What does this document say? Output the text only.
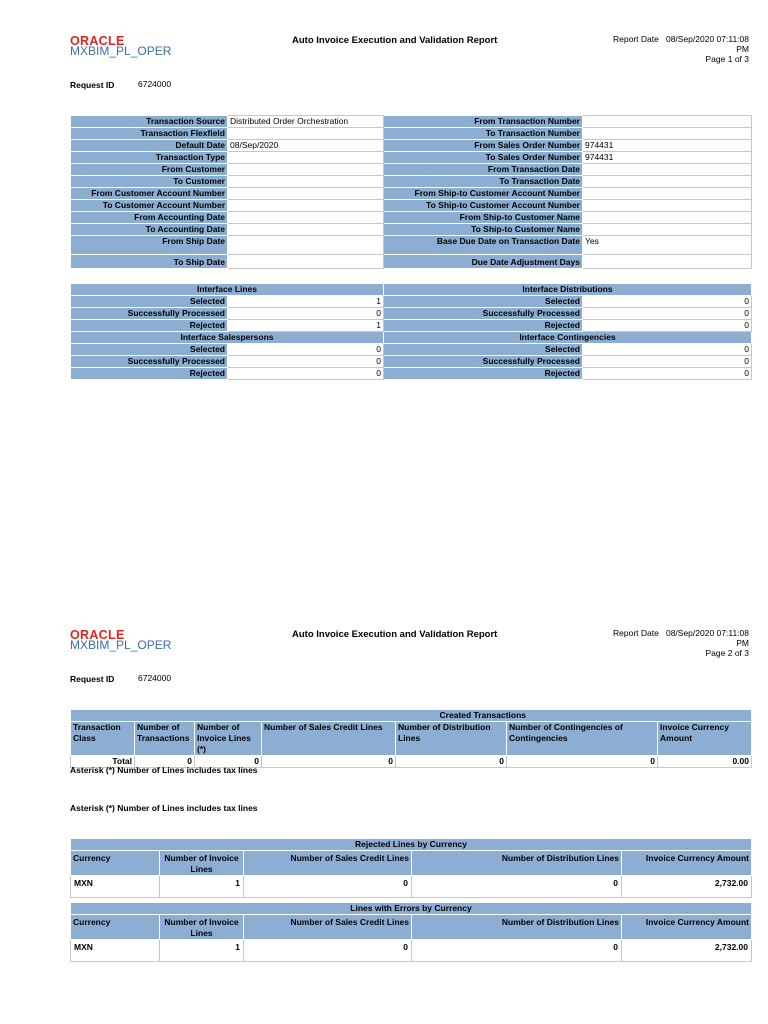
ORACLE
MXBIM_PL_OPER
Auto Invoice Execution and Validation Report	Report Date 08/Sep/2020 07:11:08
PM
Page 1 of 3
Request ID	6724000
Transaction Source	Distributed Order Orchestration	From Transaction Number	
Transaction Flexfield		To Transaction Number	
Default Date	08/Sep/2020	From Sales Order Number	974431
Transaction Type		To Sales Order Number	974431
From Customer		From Transaction Date	
To Customer		To Transaction Date	
From Customer Account Number		From Ship-to Customer Account Number	
To Customer Account Number		To Ship-to Customer Account Number	
From Accounting Date		From Ship-to Customer Name	
To Accounting Date		To Ship-to Customer Name	
From Ship Date		Base Due Date on Transaction Date	Yes
To Ship Date		Due Date Adjustment Days	
Interface Lines		Interface Distributions	
Selected	1	Selected	0
Successfully Processed	0	Successfully Processed	0
Rejected	1	Rejected	0
Interface Salespersons		Interface Contingencies	
Selected	0	Selected	0
Successfully Processed	0	Successfully Processed	0
Rejected	0	Rejected	0
ORACLE
MXBIM_PL_OPER
Auto Invoice Execution and Validation Report	Report Date 08/Sep/2020 07:11:08
PM
Page 2 of 3
Request ID	6724000
Created Transactions						
Transaction Class	Number of Transactions	Number of Invoice Lines (*)	Number of Sales Credit Lines	Number of Distribution Lines	Number of Contingencies of Contingencies	Invoice Currency Amount
Total	0	0	0	0	0	0.00
Asterisk (*) Number of Lines includes tax lines
Asterisk (*) Number of Lines includes tax lines
Rejected Lines by Currency				
Currency	Number of Invoice Lines	Number of Sales Credit Lines	Number of Distribution Lines	Invoice Currency Amount
MXN	1	0	0	2,732.00
Lines with Errors by Currency				
Currency	Number of Invoice Lines	Number of Sales Credit Lines	Number of Distribution Lines	Invoice Currency Amount
MXN	1	0	0	2,732.00
